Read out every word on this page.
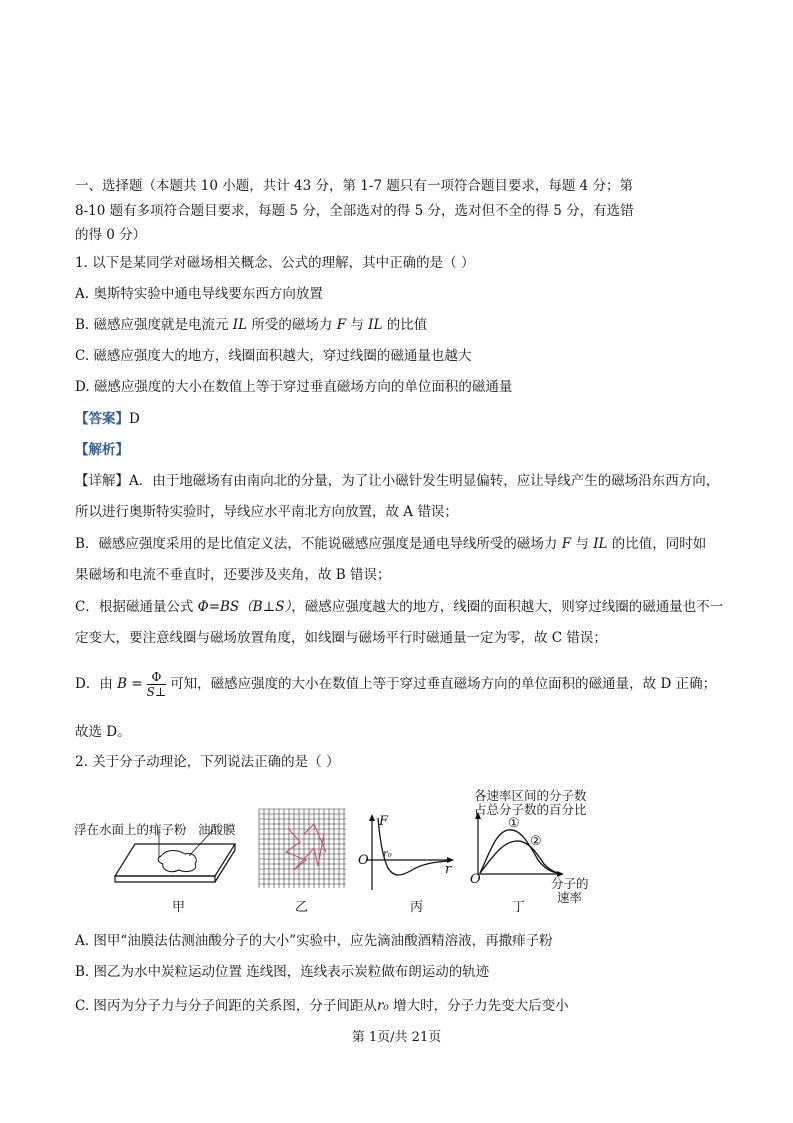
一、选择题（本题共 10 小题，共计 43 分，第 1-7 题只有一项符合题目要求，每题 4 分；第
8-10 题有多项符合题目要求，每题 5 分，全部选对的得 5 分，选对但不全的得 5 分，有选错
的得 0 分）
1. 以下是某同学对磁场相关概念、公式的理解，其中正确的是（ ）
A. 奥斯特实验中通电导线要东西方向放置
B. 磁感应强度就是电流元 IL 所受的磁场力 F 与 IL 的比值
C. 磁感应强度大的地方，线圈面积越大，穿过线圈的磁通量也越大
D. 磁感应强度的大小在数值上等于穿过垂直磁场方向的单位面积的磁通量
【答案】D
【解析】
【详解】A．由于地磁场有由南向北的分量，为了让小磁针发生明显偏转，应让导线产生的磁场沿东西方向，
所以进行奥斯特实验时，导线应水平南北方向放置，故 A 错误；
B．磁感应强度采用的是比值定义法，不能说磁感应强度是通电导线所受的磁场力 F 与 IL 的比值，同时如
果磁场和电流不垂直时，还要涉及夹角，故 B 错误；
C．根据磁通量公式 Φ=BS（B⊥S），磁感应强度越大的地方，线圈的面积越大，则穿过线圈的磁通量也不一
定变大，要注意线圈与磁场放置角度，如线圈与磁场平行时磁通量一定为零，故 C 错误；
D．由 $B = \frac{\Phi}{S\perp}$ 可知，磁感应强度的大小在数值上等于穿过垂直磁场方向的单位面积的磁通量，故 D 正确；
故选 D。
2. 关于分子动理论，下列说法正确的是（ ）
浮在水面上的痱子粉 油酸膜
甲	乙
F
O r₀
r
丙
各速率区间的分子数
占总分子数的百分比
①
②
O	分子的
速率
丁
A. 图甲“油膜法估测油酸分子的大小”实验中，应先滴油酸酒精溶液，再撒痱子粉
B. 图乙为水中炭粒运动位置 连线图，连线表示炭粒做布朗运动的轨迹
C. 图丙为分子力与分子间距的关系图，分子间距从r₀ 增大时，分子力先变大后变小
第 1页/共 21页
